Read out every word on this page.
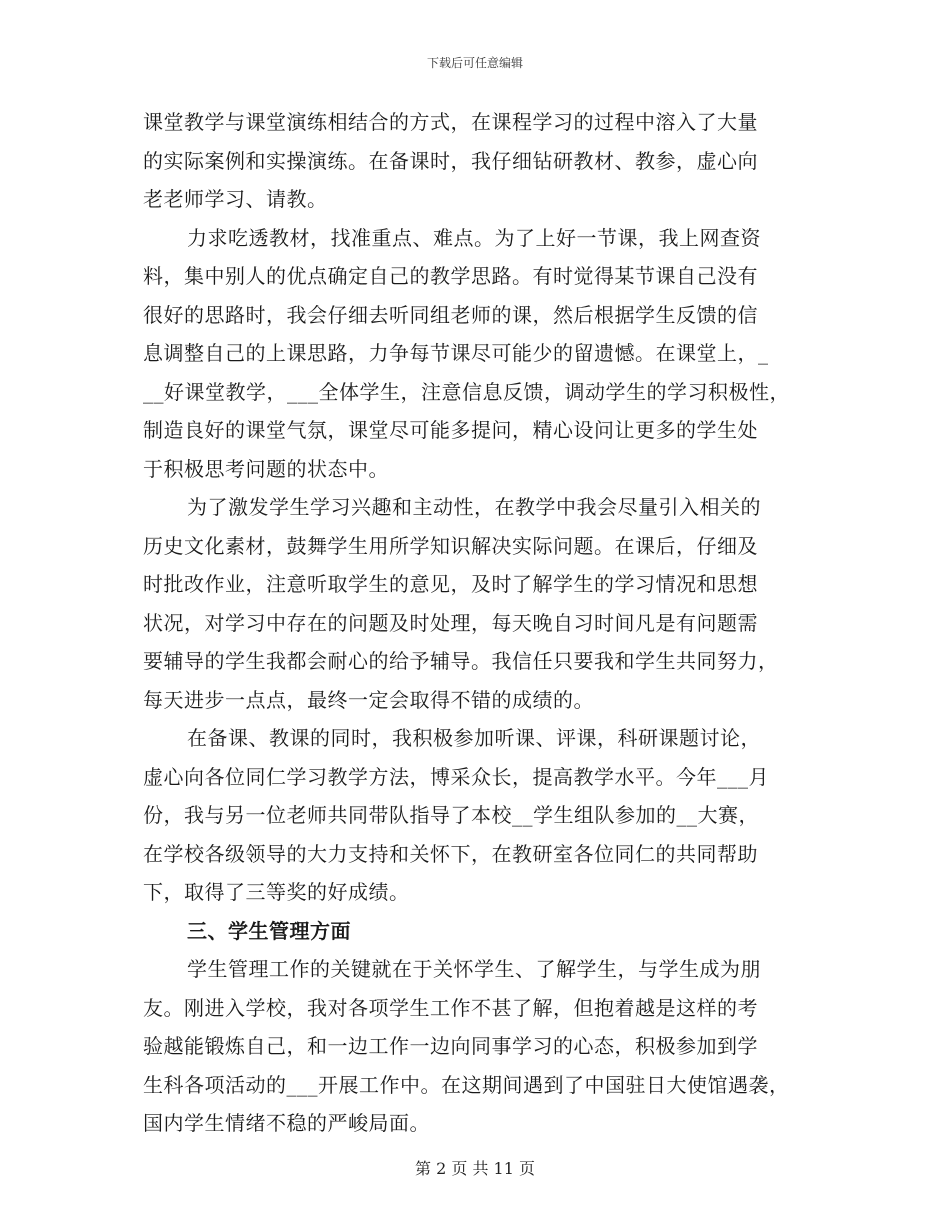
下载后可任意编辑
课堂教学与课堂演练相结合的方式，在课程学习的过程中溶入了大量
的实际案例和实操演练。在备课时，我仔细钻研教材、教参，虚心向
老老师学习、请教。
力求吃透教材，找准重点、难点。为了上好一节课，我上网查资
料，集中别人的优点确定自己的教学思路。有时觉得某节课自己没有
很好的思路时，我会仔细去听同组老师的课，然后根据学生反馈的信
息调整自己的上课思路，力争每节课尽可能少的留遗憾。在课堂上，_
__好课堂教学，___全体学生，注意信息反馈，调动学生的学习积极性，
制造良好的课堂气氛，课堂尽可能多提问，精心设问让更多的学生处
于积极思考问题的状态中。
为了激发学生学习兴趣和主动性，在教学中我会尽量引入相关的
历史文化素材，鼓舞学生用所学知识解决实际问题。在课后，仔细及
时批改作业，注意听取学生的意见，及时了解学生的学习情况和思想
状况，对学习中存在的问题及时处理，每天晚自习时间凡是有问题需
要辅导的学生我都会耐心的给予辅导。我信任只要我和学生共同努力，
每天进步一点点，最终一定会取得不错的成绩的。
在备课、教课的同时，我积极参加听课、评课，科研课题讨论，
虚心向各位同仁学习教学方法，博采众长，提高教学水平。今年___月
份，我与另一位老师共同带队指导了本校__学生组队参加的__大赛，
在学校各级领导的大力支持和关怀下，在教研室各位同仁的共同帮助
下，取得了三等奖的好成绩。
三、学生管理方面
学生管理工作的关键就在于关怀学生、了解学生，与学生成为朋
友。刚进入学校，我对各项学生工作不甚了解，但抱着越是这样的考
验越能锻炼自己，和一边工作一边向同事学习的心态，积极参加到学
生科各项活动的___开展工作中。在这期间遇到了中国驻日大使馆遇袭，
国内学生情绪不稳的严峻局面。
第 2 页 共 11 页
